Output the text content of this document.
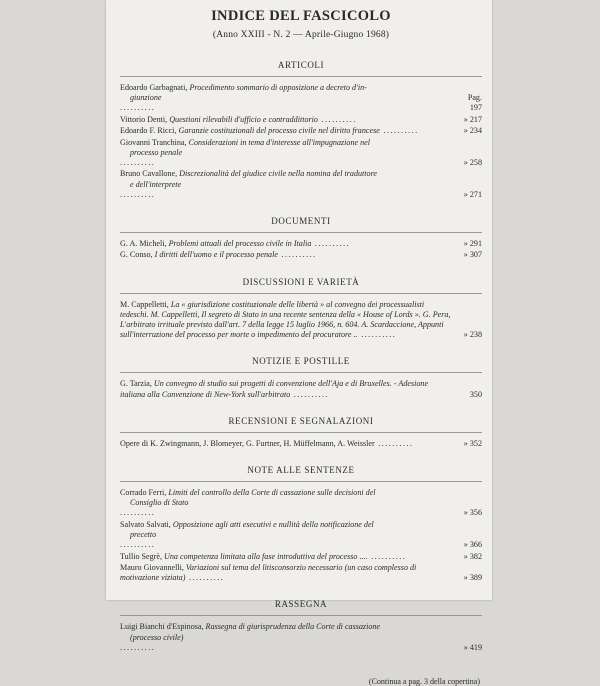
INDICE DEL FASCICOLO
(Anno XXIII - N. 2 — Aprile-Giugno 1968)
ARTICOLI
Edoardo Garbagnati, Procedimento sommario di opposizione a decreto d'in-
giunzione
..........
Pag. 197
Vittorio Denti, Questioni rilevabili d'ufficio e contraddittorio ..........	» 217
Edoardo F. Ricci, Garanzie costituzionali del processo civile nel diritto francese ..........	» 234
Giovanni Tranchina, Considerazioni in tema d'interesse all'impugnazione nel
processo penale
..........	» 258
Bruno Cavallone, Discrezionalità del giudice civile nella nomina del traduttore
e dell'interprete
..........	» 271
DOCUMENTI
G. A. Micheli, Problemi attuali del processo civile in Italia ..........	» 291
G. Conso, I diritti dell'uomo e il processo penale ..........	» 307
DISCUSSIONI E VARIETÀ
M. Cappelletti, La « giurisdizione costituzionale delle libertà » al convegno dei processualisti tedeschi. M. Cappelletti, Il segreto di Stato in una recente sentenza della « House of Lords ». G. Pera, L'arbitrato irrituale previsto dall'art. 7 della legge 15 luglio 1966, n. 604. A. Scardaccione, Appunti sull'interruzione del processo per morte o impedimento del procuratore .. ..........	» 238
NOTIZIE E POSTILLE
G. Tarzia, Un convegno di studio sui progetti di convenzione dell'Aja e di Bruxelles. - Adesione italiana alla Convenzione di New-York sull'arbitrato ..........	350
RECENSIONI E SEGNALAZIONI
Opere di K. Zwingmann, J. Blomeyer, G. Furtner, H. Müffelmann, A. Weissler ..........	» 352
NOTE ALLE SENTENZE
Corrado Ferri, Limiti del controllo della Corte di cassazione sulle decisioni del
Consiglio di Stato
..........	» 356
Salvato Salvati, Opposizione agli atti esecutivi e nullità della notificazione del
precetto
..........	» 366
Tullio Segrè, Una competenza limitata alla fase introduttiva del processo .... ..........	» 382
Mauro Giovannelli, Variazioni sul tema del litisconsorzio necessario (un caso complesso di motivazione viziata) ..........	» 389
RASSEGNA
Luigi Bianchi d'Espinosa, Rassegna di giurisprudenza della Corte di cassazione
(processo civile)
..........	» 419
(Continua a pag. 3 della copertina)
